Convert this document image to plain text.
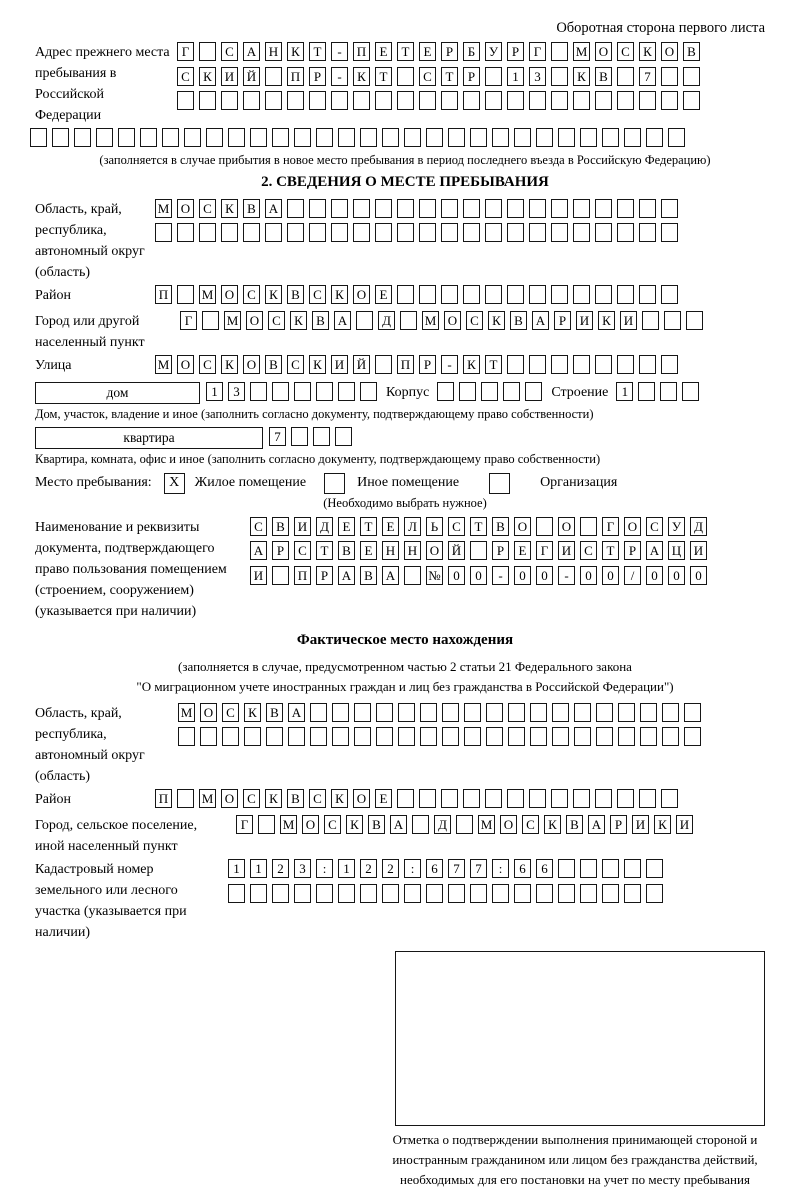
Оборотная сторона первого листа
Адрес прежнего места пребывания в Российской Федерации
Г	С А Н К	Т	-	П	Е	Т	Е	Р	Б	У	Р	Г	М О С	К О В
С	К И Й	П	Р	-	К	Т	С	Т	Р	1	3	К	В	7
(заполняется в случае прибытия в новое место пребывания в период последнего въезда в Российскую Федерацию)
2. СВЕДЕНИЯ О МЕСТЕ ПРЕБЫВАНИЯ
Область, край, республика, автономный округ (область)
М О С	К	В А
Район	П	М О С	К	В	С	К О	Е
Город или другой населенный пункт
Г	М О С	К	В А	Д	М О С	К	В А	Р	И К И
Улица	М О С	К О В	С	К И Й	П	Р	-	К	Т
дом	1	3	Корпус	Строение	1
Дом, участок, владение и иное (заполнить согласно документу, подтверждающему право собственности)
квартира	7
Квартира, комната, офис и иное (заполнить согласно документу, подтверждающему право собственности)
Место пребывания:	X	Жилое помещение	Иное помещение	Организация
(Необходимо выбрать нужное)
Наименование и реквизиты документа, подтверждающего право пользования помещением (строением, сооружением) (указывается при наличии)
С	В И Д	Е	Т	Е	Л	Ь	С	Т	В О	О	Г	О С	У Д
А	Р	С	Т	В	Е	Н Н О Й	Р	Е	Г	И С	Т	Р	А Ц И
И	П	Р	А В А	№ 0	0	-	0	0	-	0	0	/	0	0	0
Фактическое место нахождения
(заполняется в случае, предусмотренном частью 2 статьи 21 Федерального закона
"О миграционном учете иностранных граждан и лиц без гражданства в Российской Федерации")
Область, край, республика, автономный округ (область)
М О С	К	В А
Район	П	М О С	К	В	С	К О	Е
Город, сельское поселение, иной населенный пункт
Г	М О С	К	В А	Д	М О С	К	В А	Р	И К И
Кадастровый номер земельного или лесного участка (указывается при наличии)
1	1	2	3	:	1	2	2	:	6	7	7	:	6	6
Отметка о подтверждении выполнения принимающей стороной и иностранным гражданином или лицом без гражданства действий, необходимых для его постановки на учет по месту пребывания
